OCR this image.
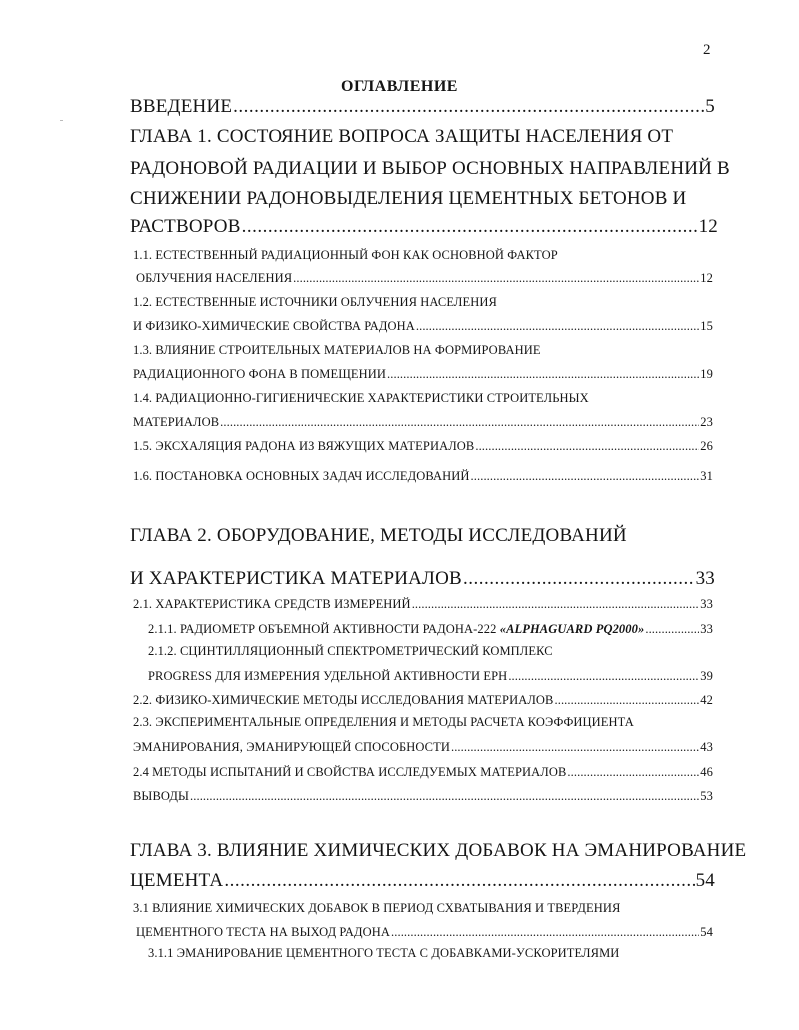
2
ОГЛАВЛЕНИЕ
ВВЕДЕНИЕ .....	5
ГЛАВА 1. СОСТОЯНИЕ ВОПРОСА ЗАЩИТЫ НАСЕЛЕНИЯ ОТ
РАДОНОВОЙ РАДИАЦИИ И ВЫБОР ОСНОВНЫХ НАПРАВЛЕНИЙ В
СНИЖЕНИИ РАДОНОВЫДЕЛЕНИЯ ЦЕМЕНТНЫХ БЕТОНОВ И
РАСТВОРОВ .....	12
1.1. ЕСТЕСТВЕННЫЙ РАДИАЦИОННЫЙ ФОН КАК ОСНОВНОЙ ФАКТОР
ОБЛУЧЕНИЯ НАСЕЛЕНИЯ .....	12
1.2. ЕСТЕСТВЕННЫЕ ИСТОЧНИКИ ОБЛУЧЕНИЯ НАСЕЛЕНИЯ
И ФИЗИКО-ХИМИЧЕСКИЕ СВОЙСТВА РАДОНА .....	15
1.3. ВЛИЯНИЕ СТРОИТЕЛЬНЫХ МАТЕРИАЛОВ НА ФОРМИРОВАНИЕ
РАДИАЦИОННОГО ФОНА В ПОМЕЩЕНИИ .....	19
1.4. РАДИАЦИОННО-ГИГИЕНИЧЕСКИЕ ХАРАКТЕРИСТИКИ СТРОИТЕЛЬНЫХ
МАТЕРИАЛОВ .....	23
1.5. ЭКСХАЛЯЦИЯ РАДОНА ИЗ ВЯЖУЩИХ МАТЕРИАЛОВ .....	26
1.6. ПОСТАНОВКА ОСНОВНЫХ ЗАДАЧ ИССЛЕДОВАНИЙ .....	31
ГЛАВА 2. ОБОРУДОВАНИЕ, МЕТОДЫ ИССЛЕДОВАНИЙ
И ХАРАКТЕРИСТИКА МАТЕРИАЛОВ .....	33
2.1. ХАРАКТЕРИСТИКА СРЕДСТВ ИЗМЕРЕНИЙ .....	33
2.1.1. РАДИОМЕТР ОБЪЕМНОЙ АКТИВНОСТИ РАДОНА-222 «ALPHAGUARD PQ2000» .....	33
2.1.2. СЦИНТИЛЛЯЦИОННЫЙ СПЕКТРОМЕТРИЧЕСКИЙ КОМПЛЕКС
PROGRESS ДЛЯ ИЗМЕРЕНИЯ УДЕЛЬНОЙ АКТИВНОСТИ ЕРН .....	39
2.2. ФИЗИКО-ХИМИЧЕСКИЕ МЕТОДЫ ИССЛЕДОВАНИЯ МАТЕРИАЛОВ .....	42
2.3. ЭКСПЕРИМЕНТАЛЬНЫЕ ОПРЕДЕЛЕНИЯ И МЕТОДЫ РАСЧЕТА КОЭФФИЦИЕНТА
ЭМАНИРОВАНИЯ, ЭМАНИРУЮЩЕЙ СПОСОБНОСТИ .....	43
2.4 МЕТОДЫ ИСПЫТАНИЙ И СВОЙСТВА ИССЛЕДУЕМЫХ МАТЕРИАЛОВ .....	46
ВЫВОДЫ .....	53
ГЛАВА 3. ВЛИЯНИЕ ХИМИЧЕСКИХ ДОБАВОК НА ЭМАНИРОВАНИЕ
ЦЕМЕНТА .....	54
3.1 ВЛИЯНИЕ ХИМИЧЕСКИХ ДОБАВОК В ПЕРИОД СХВАТЫВАНИЯ И ТВЕРДЕНИЯ
ЦЕМЕНТНОГО ТЕСТА НА ВЫХОД РАДОНА .....	54
3.1.1 ЭМАНИРОВАНИЕ ЦЕМЕНТНОГО ТЕСТА С ДОБАВКАМИ-УСКОРИТЕЛЯМИ
